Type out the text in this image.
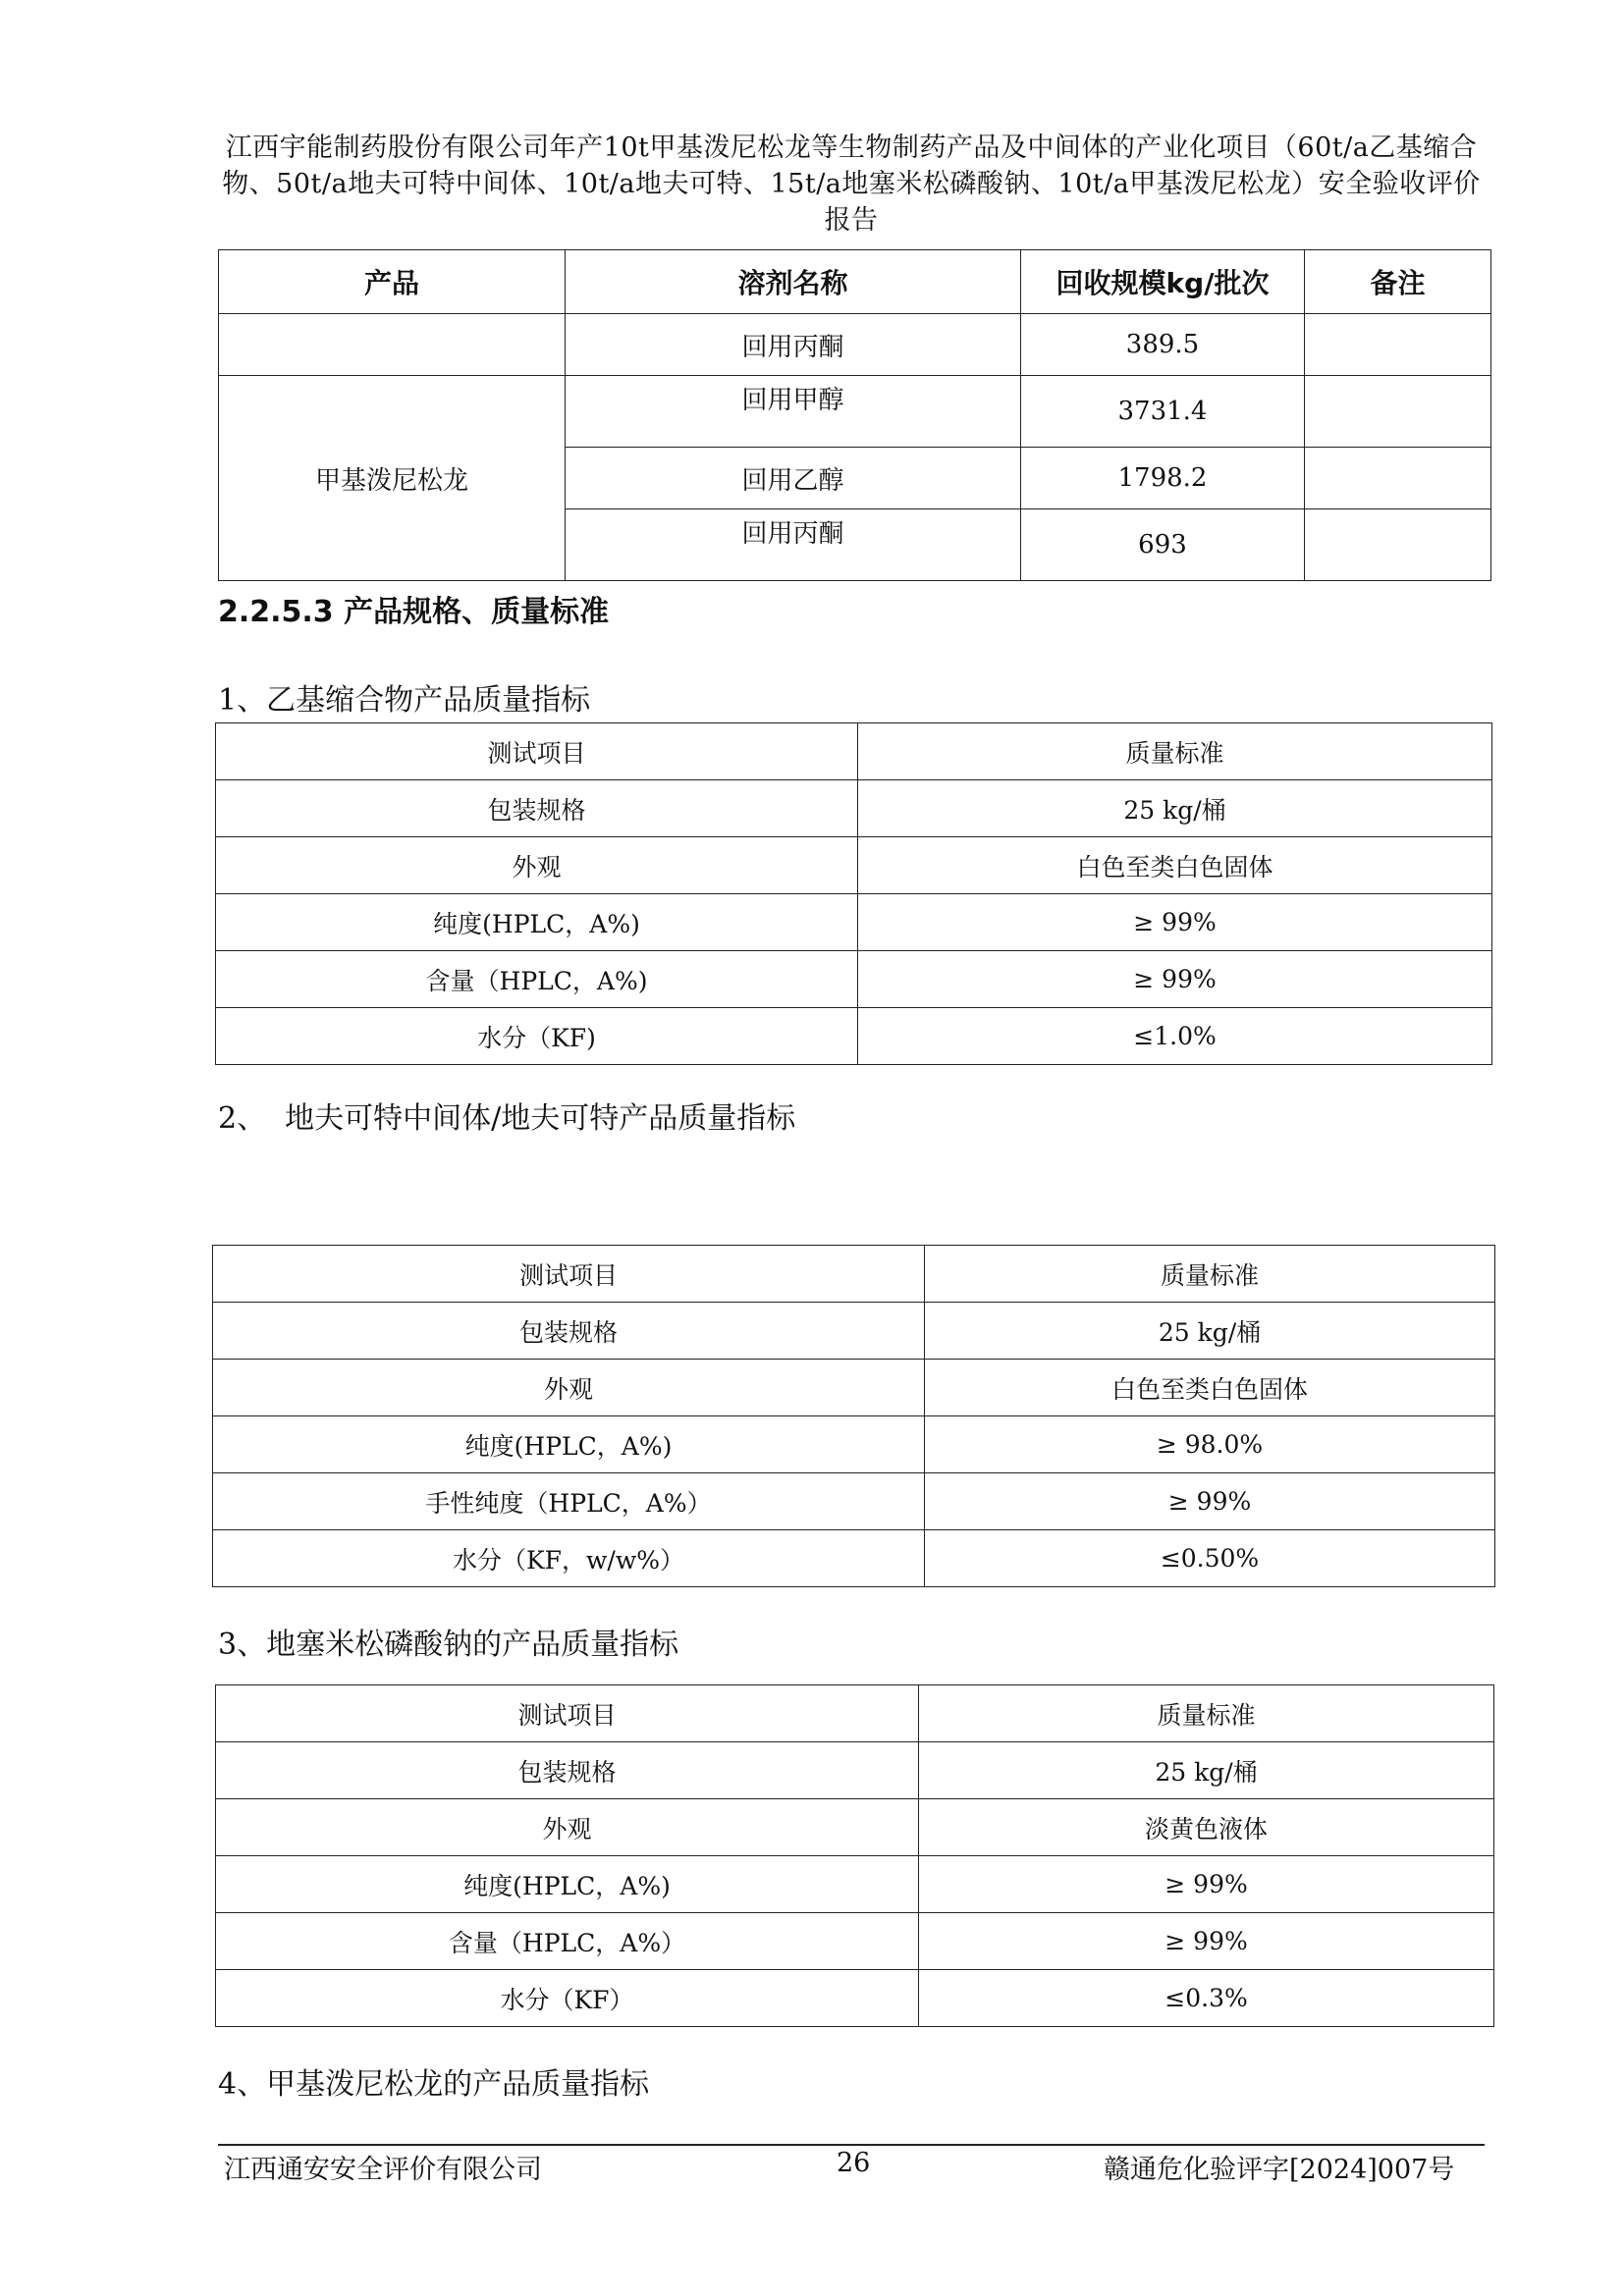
江西宇能制药股份有限公司年产10t甲基泼尼松龙等生物制药产品及中间体的产业化项目（60t/a乙基缩合物、50t/a地夫可特中间体、10t/a地夫可特、15t/a地塞米松磷酸钠、10t/a甲基泼尼松龙）安全验收评价报告
产品	溶剂名称	回收规模kg/批次	备注
	回用丙酮	389.5	
甲基泼尼松龙	回用甲醇	3731.4	
	回用乙醇	1798.2	
	回用丙酮	693	
2.2.5.3 产品规格、质量标准
1、乙基缩合物产品质量指标
测试项目	质量标准
包装规格	25 kg/桶
外观	白色至类白色固体
纯度(HPLC，A%)	≥ 99%
含量（HPLC，A%)	≥ 99%
水分（KF)	≤1.0%
2、  地夫可特中间体/地夫可特产品质量指标
测试项目	质量标准
包装规格	25 kg/桶
外观	白色至类白色固体
纯度(HPLC，A%)	≥ 98.0%
手性纯度（HPLC，A%）	≥ 99%
水分（KF，w/w%）	≤0.50%
3、地塞米松磷酸钠的产品质量指标
测试项目	质量标准
包装规格	25 kg/桶
外观	淡黄色液体
纯度(HPLC，A%)	≥ 99%
含量（HPLC，A%）	≥ 99%
水分（KF）	≤0.3%
4、甲基泼尼松龙的产品质量指标
江西通安安全评价有限公司	26	赣通危化验评字[2024]007号
